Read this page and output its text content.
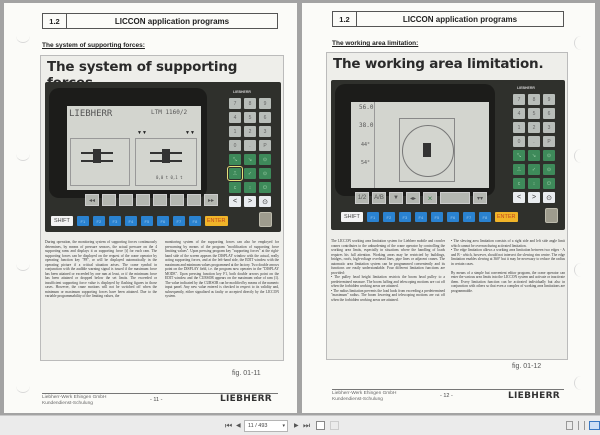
1.2	LICCON application programs
The system of supporting forces:
The system of supporting
LIEBHERR	LTM 1160/2
▼▼	▼▼
0,0 t 0,1 t
◂◂	▸▸
LIEBHERR
7	8	9
4	5	6
1	2	3
0	.	P
⤡	↘	⊙
⎍	✓	⊙
c	↕	⏻
<	>	⊙
SHIFT	F1	F2	F3	F4	F5	F6	F7	F8	ENTER
During operation, the monitoring system of supporting forces continuously determines, by means of pressure sensors, the actual pressure on the 4 supporting rams and displays it as supporting force [t] for each ram. The supporting forces can be displayed on the request of the crane operator by operating function key "F8", or will be displayed automatically in the operating picture if a critical situation arises. The crane symbol in conjunction with the audible warning signal is issued if the maximum force has been attained or exceeded by one ram at least, or if the minimum force has been attained or dropped below the set limits. The exceeded or insufficient supporting force value is displayed by flashing figures in those cases. However, the crane motions will not be switched off when the minimum or maximum supporting forces have been attained. Due to the variable programmability of the limiting values, the
monitoring system of the supporting forces can also be employed for prewarning by means of the program "modification of supporting force limiting values". Upon pressing program key "supporting forces" at the right-hand side of the screen appears the DISPLAY window with the actual, really acting supporting forces, and at the left-hand side, the EDIT window with the maximum and minimum values programmed at the factory. Two double arrows point on the DISPLAY field, i.e. the program now operates in the "DISPLAY MODE". Upon pressing function key F1, both double arrows point on the EDIT window and the CURSOR appears on the maximum value of ram (1). The value indicated by the CURSOR can be modified by means of the numeric input panel. Any new value entered is checked in respect to its validity and, subsequently, either signalized as faulty or accepted directly by the LICCON system.
fig. 01-11
Liebherr-Werk Ehingen GmbH
Kundendienst-Schulung
- 11 -	LIEBHERR
1.2	LICCON application programs
The working area limitation:
The working area limitation.
56.0
38.0
44°
54°
1/2	A/B	▼	◂▸	⨯	▾▾
LIEBHERR
7	8	9
4	5	6
1	2	3
0	.	P
⤡	↘	⊙
⎍	✓	⊙
c	↕	⏻
<	>	⊙
SHIFT	F1	F2	F3	F4	F5	F6	F7	F8	ENTER
The LICCON working area limitation system for Liebherr mobile and crawler cranes contributes to the unburdening of the crane operator by controlling the working area limits, especially in situations where the handling of loads requires his full attention. Working areas may be restricted by buildings, bridges, roofs, high-voltage overhead lines, pipe lines or adjacent cranes. The automatic area limitation system can be programmed conveniently and its functions are easily understandable. Four different limitation functions are provided:
• The pulley head height limitation restricts the boom head pulley to a predetermined measure. The boom luffing and telescoping motions are cut off when the forbidden working areas are attained.
• The radius limitation prevents the load hook from exceeding a predetermined "maximum" radius. The boom lowering and telescoping motions are cut off when the forbidden working areas are attained.
• The slewing area limitation consists of a right side and left side angle limit which cannot be overrun during activated limitation.
• The edge limitation allows a working area limitation between two edges - A and B - which, however, should not intersect the slewing rim centre. The edge limitation enables slewing at 360° but it may be necessary to reduce the radius in certain cases.

By means of a simple but convenient editor program, the crane operator can enter the various area limits into the LICCON system and activate or inactivate them. Every limitation function can be activated individually but also in conjunction with others so that even a complex of working area limitations are programmable.
fig. 01-12
Liebherr-Werk Ehingen GmbH
Kundendienst-Schulung
- 12 -	LIEBHERR
⏮ ◀ 11 / 493	▾ ▶ ⏭
